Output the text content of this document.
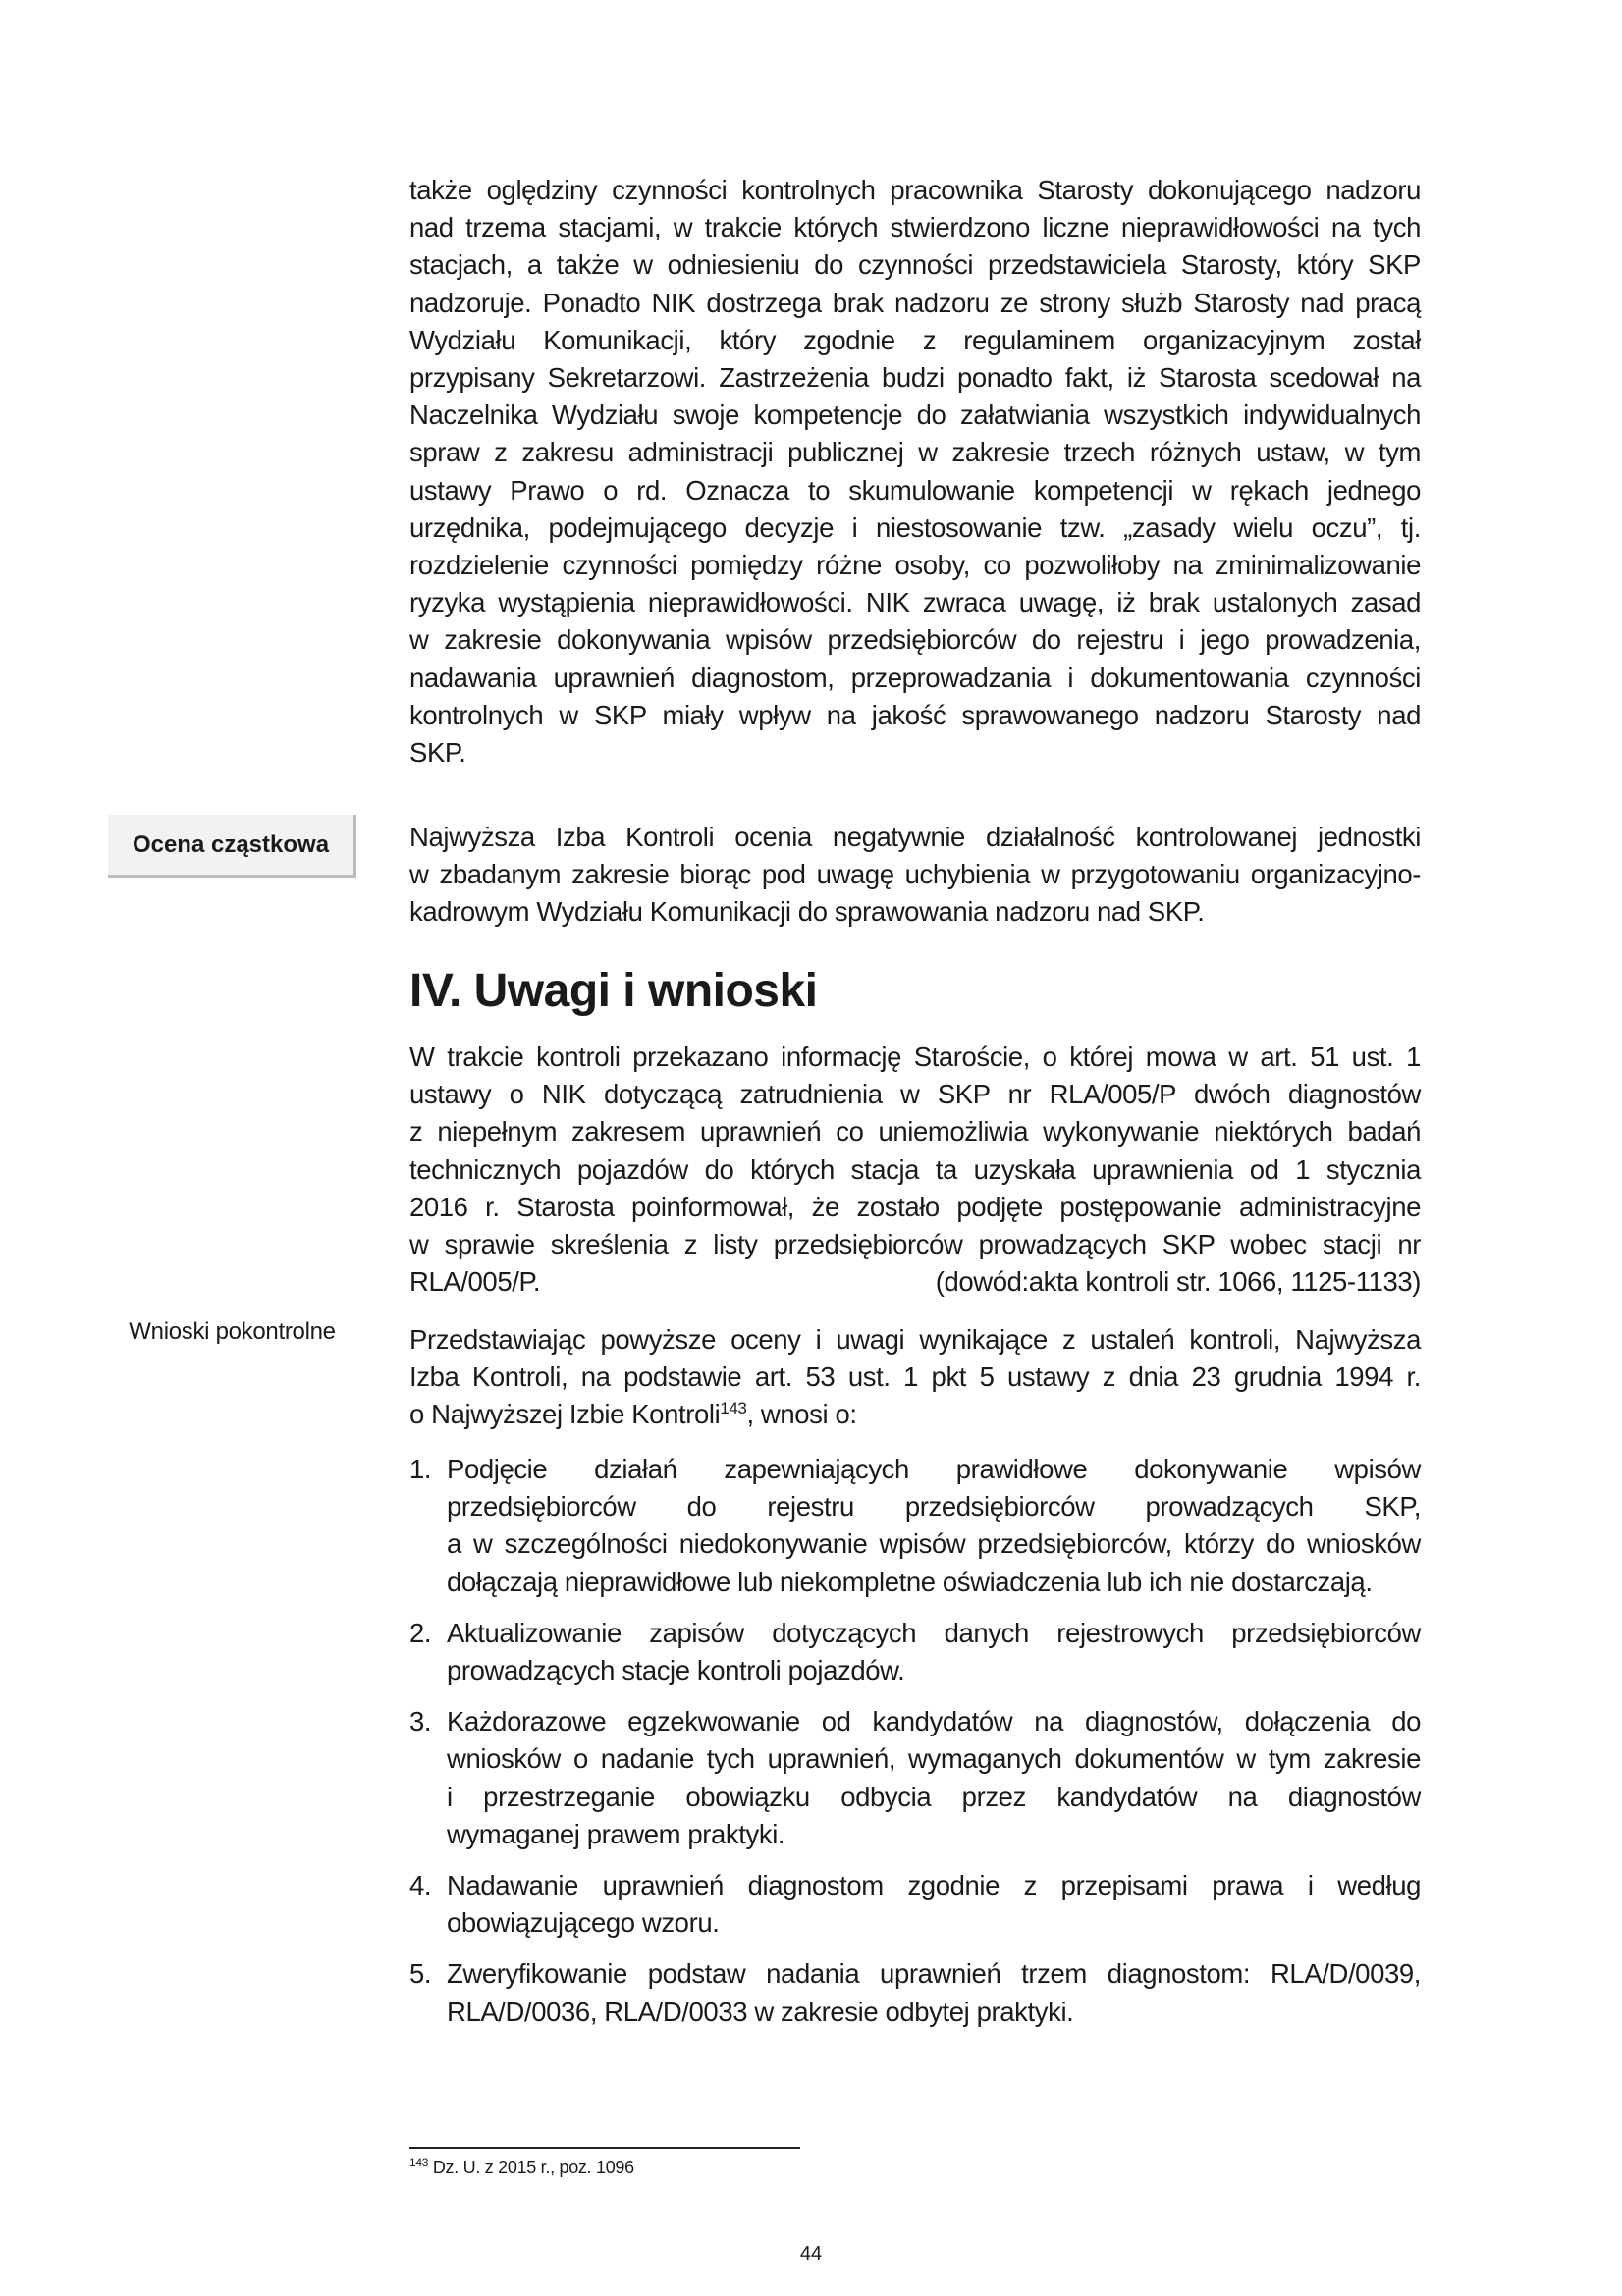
także oględziny czynności kontrolnych pracownika Starosty dokonującego nadzoru
nad trzema stacjami, w trakcie których stwierdzono liczne nieprawidłowości na tych
stacjach, a także w odniesieniu do czynności przedstawiciela Starosty, który SKP
nadzoruje. Ponadto NIK dostrzega brak nadzoru ze strony służb Starosty nad pracą
Wydziału Komunikacji, który zgodnie z regulaminem organizacyjnym został
przypisany Sekretarzowi. Zastrzeżenia budzi ponadto fakt, iż Starosta scedował na
Naczelnika Wydziału swoje kompetencje do załatwiania wszystkich indywidualnych
spraw z zakresu administracji publicznej w zakresie trzech różnych ustaw, w tym
ustawy Prawo o rd. Oznacza to skumulowanie kompetencji w rękach jednego
urzędnika, podejmującego decyzje i niestosowanie tzw. „zasady wielu oczu”, tj.
rozdzielenie czynności pomiędzy różne osoby, co pozwoliłoby na zminimalizowanie
ryzyka wystąpienia nieprawidłowości. NIK zwraca uwagę, iż brak ustalonych zasad
w zakresie dokonywania wpisów przedsiębiorców do rejestru i jego prowadzenia,
nadawania uprawnień diagnostom, przeprowadzania i dokumentowania czynności
kontrolnych w SKP miały wpływ na jakość sprawowanego nadzoru Starosty nad
SKP.
Ocena cząstkowa	Najwyższa Izba Kontroli ocenia negatywnie działalność kontrolowanej jednostki
w zbadanym zakresie biorąc pod uwagę uchybienia w przygotowaniu organizacyjno-
kadrowym Wydziału Komunikacji do sprawowania nadzoru nad SKP.
IV. Uwagi i wnioski
W trakcie kontroli przekazano informację Staroście, o której mowa w art. 51 ust. 1
ustawy o NIK dotyczącą zatrudnienia w SKP nr RLA/005/P dwóch diagnostów
z niepełnym zakresem uprawnień co uniemożliwia wykonywanie niektórych badań
technicznych pojazdów do których stacja ta uzyskała uprawnienia od 1 stycznia
2016 r. Starosta poinformował, że zostało podjęte postępowanie administracyjne
w sprawie skreślenia z listy przedsiębiorców prowadzących SKP wobec stacji nr
RLA/005/P.	(dowód:akta kontroli str. 1066, 1125-1133)
Wnioski pokontrolne	Przedstawiając powyższe oceny i uwagi wynikające z ustaleń kontroli, Najwyższa
Izba Kontroli, na podstawie art. 53 ust. 1 pkt 5 ustawy z dnia 23 grudnia 1994 r.
o Najwyższej Izbie Kontroli$^{143}$, wnosi o:
1. Podjęcie działań zapewniających prawidłowe dokonywanie wpisów
przedsiębiorców do rejestru przedsiębiorców prowadzących SKP,
a w szczególności niedokonywanie wpisów przedsiębiorców, którzy do wniosków
dołączają nieprawidłowe lub niekompletne oświadczenia lub ich nie dostarczają.
2. Aktualizowanie zapisów dotyczących danych rejestrowych przedsiębiorców
prowadzących stacje kontroli pojazdów.
3. Każdorazowe egzekwowanie od kandydatów na diagnostów, dołączenia do
wniosków o nadanie tych uprawnień, wymaganych dokumentów w tym zakresie
i przestrzeganie obowiązku odbycia przez kandydatów na diagnostów
wymaganej prawem praktyki.
4. Nadawanie uprawnień diagnostom zgodnie z przepisami prawa i według
obowiązującego wzoru.
5. Zweryfikowanie podstaw nadania uprawnień trzem diagnostom: RLA/D/0039,
RLA/D/0036, RLA/D/0033 w zakresie odbytej praktyki.
$^{143}$ Dz. U. z 2015 r., poz. 1096
44
